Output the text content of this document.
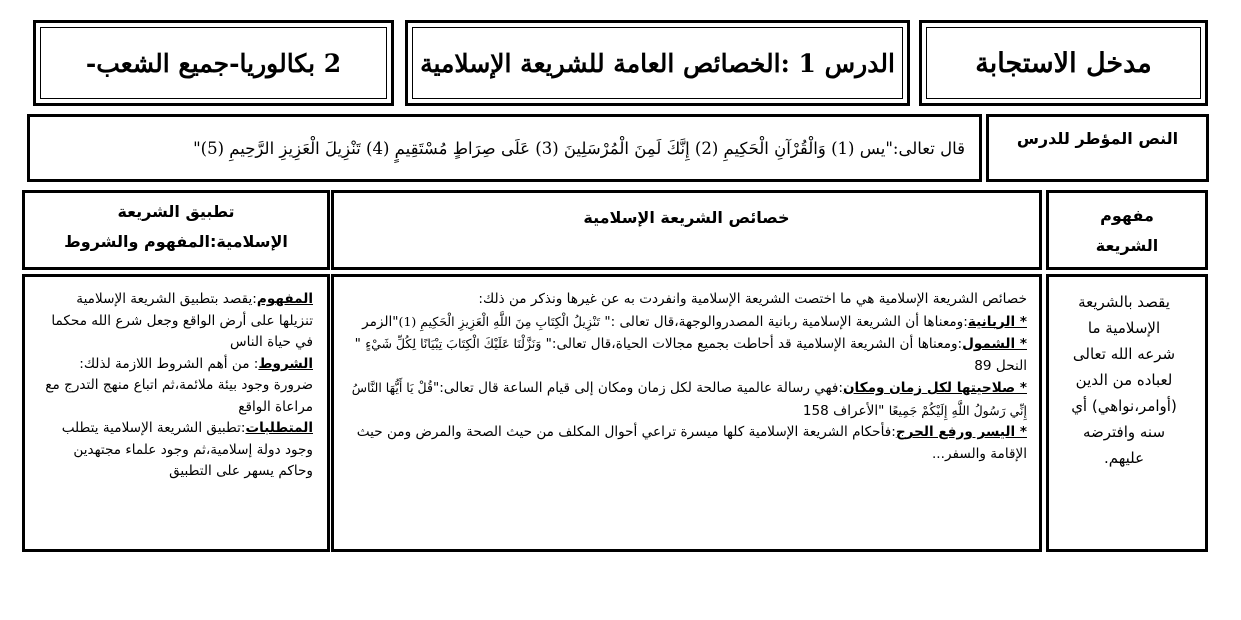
مدخل الاستجابة
الدرس 1 :الخصائص العامة للشريعة الإسلامية
2 بكالوريا-جميع الشعب-
النص المؤطر للدرس
قال تعالى:"يس (1) وَالْقُرْآنِ الْحَكِيمِ (2) إِنَّكَ لَمِنَ الْمُرْسَلِينَ (3) عَلَى صِرَاطٍ مُسْتَقِيمٍ (4) تَنْزِيلَ الْعَزِيزِ الرَّحِيمِ (5)"
مفهوم الشريعة
خصائص الشريعة الإسلامية
تطبيق الشريعة الإسلامية:المفهوم والشروط
يقصد بالشريعة الإسلامية ما شرعه الله تعالى لعباده من الدين (أوامر،نواهي) أي سنه وافترضه عليهم.
خصائص الشريعة الإسلامية هي ما اختصت الشريعة الإسلامية وانفردت به عن غيرها ونذكر من ذلك:
* الربانية:ومعناها أن الشريعة الإسلامية ربانية المصدروالوجهة،قال تعالى :" تَنْزِيلُ الْكِتَابِ مِنَ اللَّهِ الْعَزِيزِ الْحَكِيمِ (1)"الزمر
* الشمول:ومعناها أن الشريعة الإسلامية قد أحاطت بجميع مجالات الحياة،قال تعالى:" وَنَزَّلْنَا عَلَيْكَ الْكِتَابَ تِبْيَانًا لِكُلِّ شَيْءٍ " النحل 89
* صلاحيتها لكل زمان ومكان:فهي رسالة عالمية صالحة لكل زمان ومكان إلى قيام الساعة قال تعالى:"قُلْ يَا أَيُّهَا النَّاسُ إِنِّي رَسُولُ اللَّهِ إِلَيْكُمْ جَمِيعًا "الأعراف 158
* اليسر ورفع الحرج:فأحكام الشريعة الإسلامية كلها ميسرة تراعي أحوال المكلف من حيث الصحة والمرض ومن حيث الإقامة والسفر...
المفهوم:يقصد بتطبيق الشريعة الإسلامية تنزيلها على أرض الواقع وجعل شرع الله محكما في حياة الناس
الشروط: من أهم الشروط اللازمة لذلك: ضرورة وجود بيئة ملائمة،ثم اتباع منهج التدرج مع مراعاة الواقع
المتطلبات:تطبيق الشريعة الإسلامية يتطلب وجود دولة إسلامية،ثم وجود علماء مجتهدين وحاكم يسهر على التطبيق
